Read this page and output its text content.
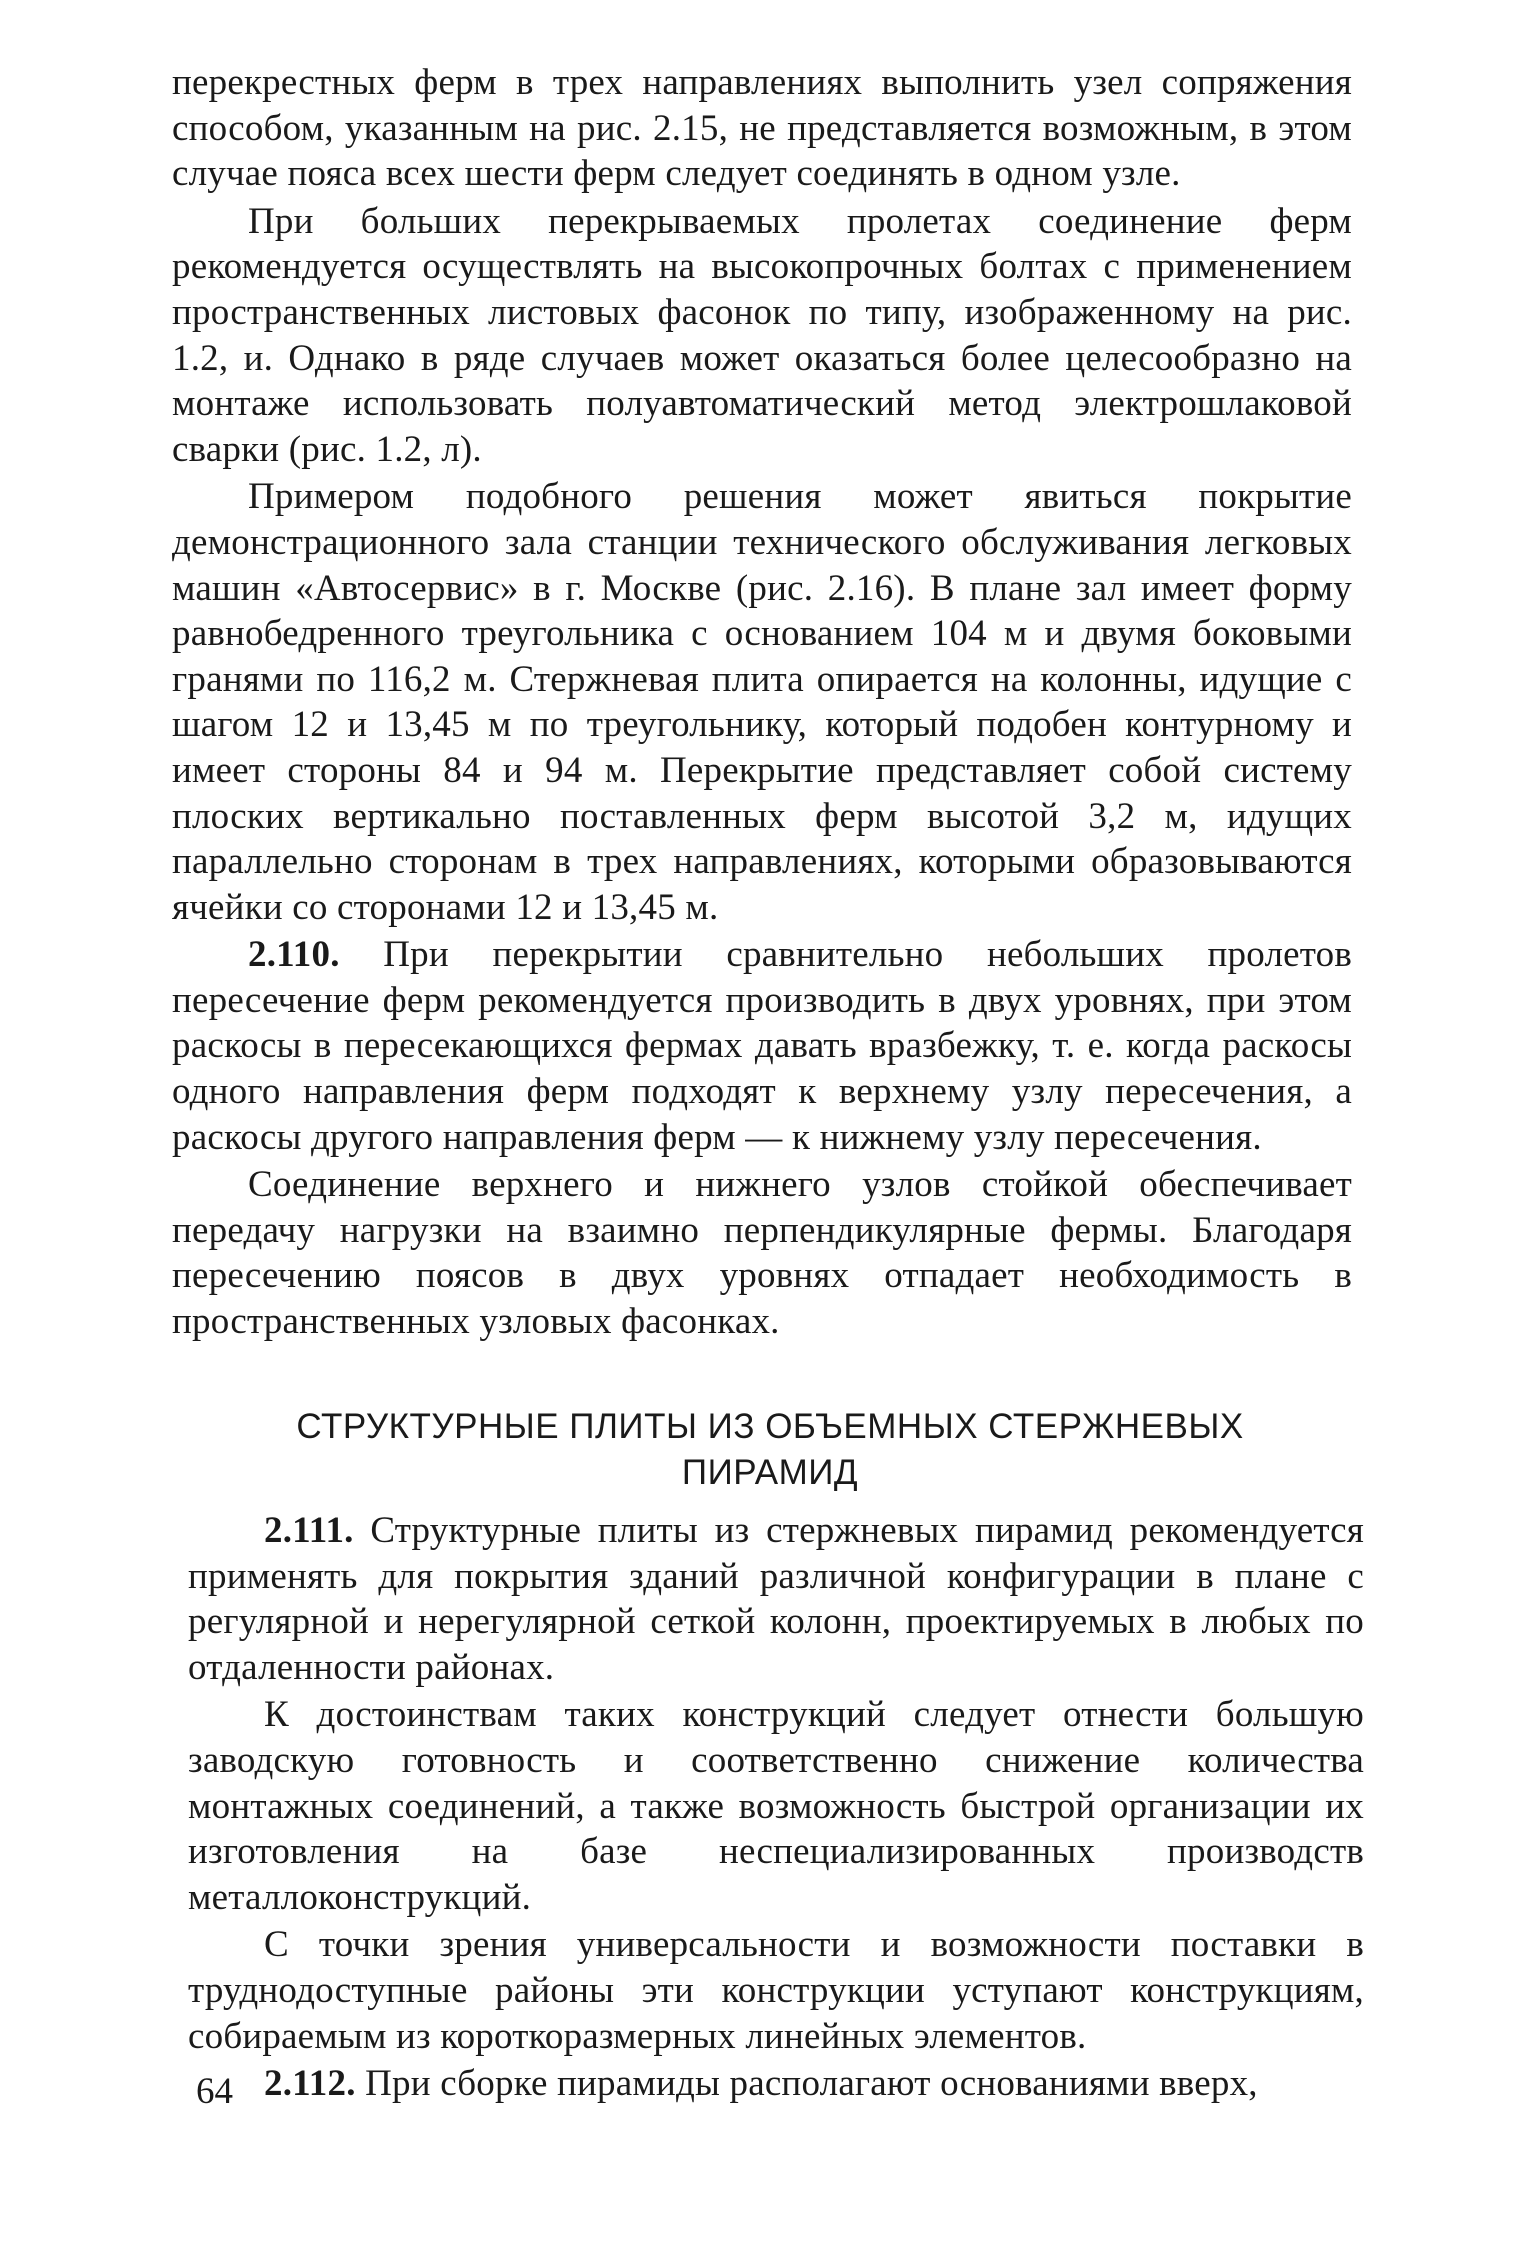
перекрестных ферм в трех направлениях выполнить узел сопряжения способом, указанным на рис. 2.15, не представляется возможным, в этом случае пояса всех шести ферм следует соединять в одном узле.

При больших перекрываемых пролетах соединение ферм рекомендуется осуществлять на высокопрочных болтах с применением пространственных листовых фасонок по типу, изображенному на рис. 1.2, и. Однако в ряде случаев может оказаться более целесообразно на монтаже использовать полуавтоматический метод электрошлаковой сварки (рис. 1.2, л).

Примером подобного решения может явиться покрытие демонстрационного зала станции технического обслуживания легковых машин «Автосервис» в г. Москве (рис. 2.16). В плане зал имеет форму равнобедренного треугольника с основанием 104 м и двумя боковыми гранями по 116,2 м. Стержневая плита опирается на колонны, идущие с шагом 12 и 13,45 м по треугольнику, который подобен контурному и имеет стороны 84 и 94 м. Перекрытие представляет собой систему плоских вертикально поставленных ферм высотой 3,2 м, идущих параллельно сторонам в трех направлениях, которыми образовываются ячейки со сторонами 12 и 13,45 м.

2.110. При перекрытии сравнительно небольших пролетов пересечение ферм рекомендуется производить в двух уровнях, при этом раскосы в пересекающихся фермах давать вразбежку, т. е. когда раскосы одного направления ферм подходят к верхнему узлу пересечения, а раскосы другого направления ферм — к нижнему узлу пересечения.

Соединение верхнего и нижнего узлов стойкой обеспечивает передачу нагрузки на взаимно перпендикулярные фермы. Благодаря пересечению поясов в двух уровнях отпадает необходимость в пространственных узловых фасонках.

СТРУКТУРНЫЕ ПЛИТЫ ИЗ ОБЪЕМНЫХ СТЕРЖНЕВЫХ
ПИРАМИД

2.111. Структурные плиты из стержневых пирамид рекомендуется применять для покрытия зданий различной конфигурации в плане с регулярной и нерегулярной сеткой колонн, проектируемых в любых по отдаленности районах.

К достоинствам таких конструкций следует отнести большую заводскую готовность и соответственно снижение количества монтажных соединений, а также возможность быстрой организации их изготовления на базе неспециализированных производств металлоконструкций.

С точки зрения универсальности и возможности поставки в труднодоступные районы эти конструкции уступают конструкциям, собираемым из короткоразмерных линейных элементов.

2.112. При сборке пирамиды располагают основаниями вверх,

64
